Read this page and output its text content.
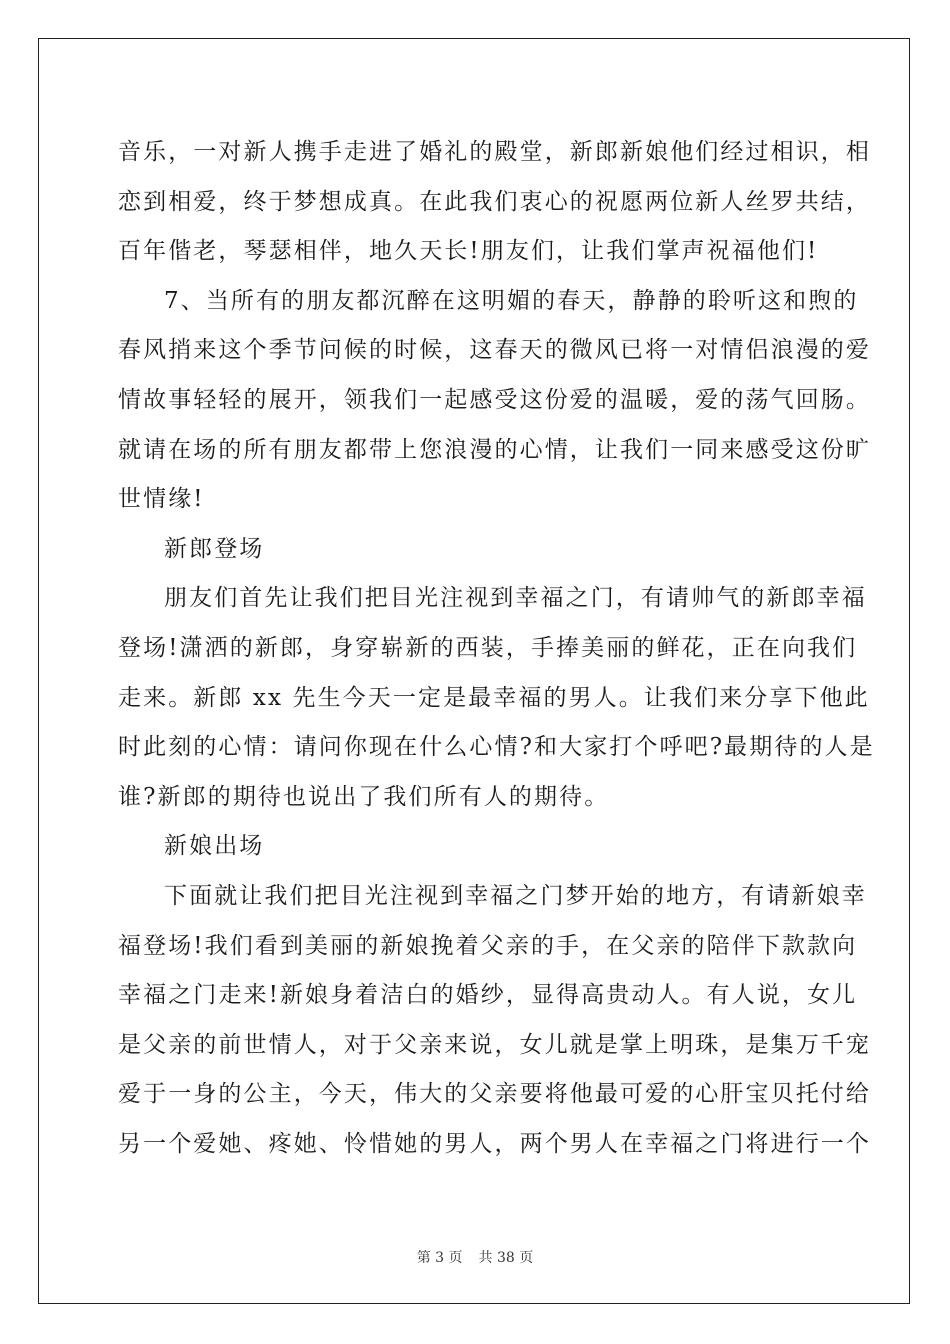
音乐，一对新人携手走进了婚礼的殿堂，新郎新娘他们经过相识，相
恋到相爱，终于梦想成真。在此我们衷心的祝愿两位新人丝罗共结，
百年偕老，琴瑟相伴，地久天长!朋友们，让我们掌声祝福他们!
7、当所有的朋友都沉醉在这明媚的春天，静静的聆听这和煦的
春风捎来这个季节问候的时候，这春天的微风已将一对情侣浪漫的爱
情故事轻轻的展开，领我们一起感受这份爱的温暖，爱的荡气回肠。
就请在场的所有朋友都带上您浪漫的心情，让我们一同来感受这份旷
世情缘!
新郎登场
朋友们首先让我们把目光注视到幸福之门，有请帅气的新郎幸福
登场!潇洒的新郎，身穿崭新的西装，手捧美丽的鲜花，正在向我们
走来。新郎 xx 先生今天一定是最幸福的男人。让我们来分享下他此
时此刻的心情：请问你现在什么心情?和大家打个呼吧?最期待的人是
谁?新郎的期待也说出了我们所有人的期待。
新娘出场
下面就让我们把目光注视到幸福之门梦开始的地方，有请新娘幸
福登场!我们看到美丽的新娘挽着父亲的手，在父亲的陪伴下款款向
幸福之门走来!新娘身着洁白的婚纱，显得高贵动人。有人说，女儿
是父亲的前世情人，对于父亲来说，女儿就是掌上明珠，是集万千宠
爱于一身的公主，今天，伟大的父亲要将他最可爱的心肝宝贝托付给
另一个爱她、疼她、怜惜她的男人，两个男人在幸福之门将进行一个
第 3 页 共 38 页
